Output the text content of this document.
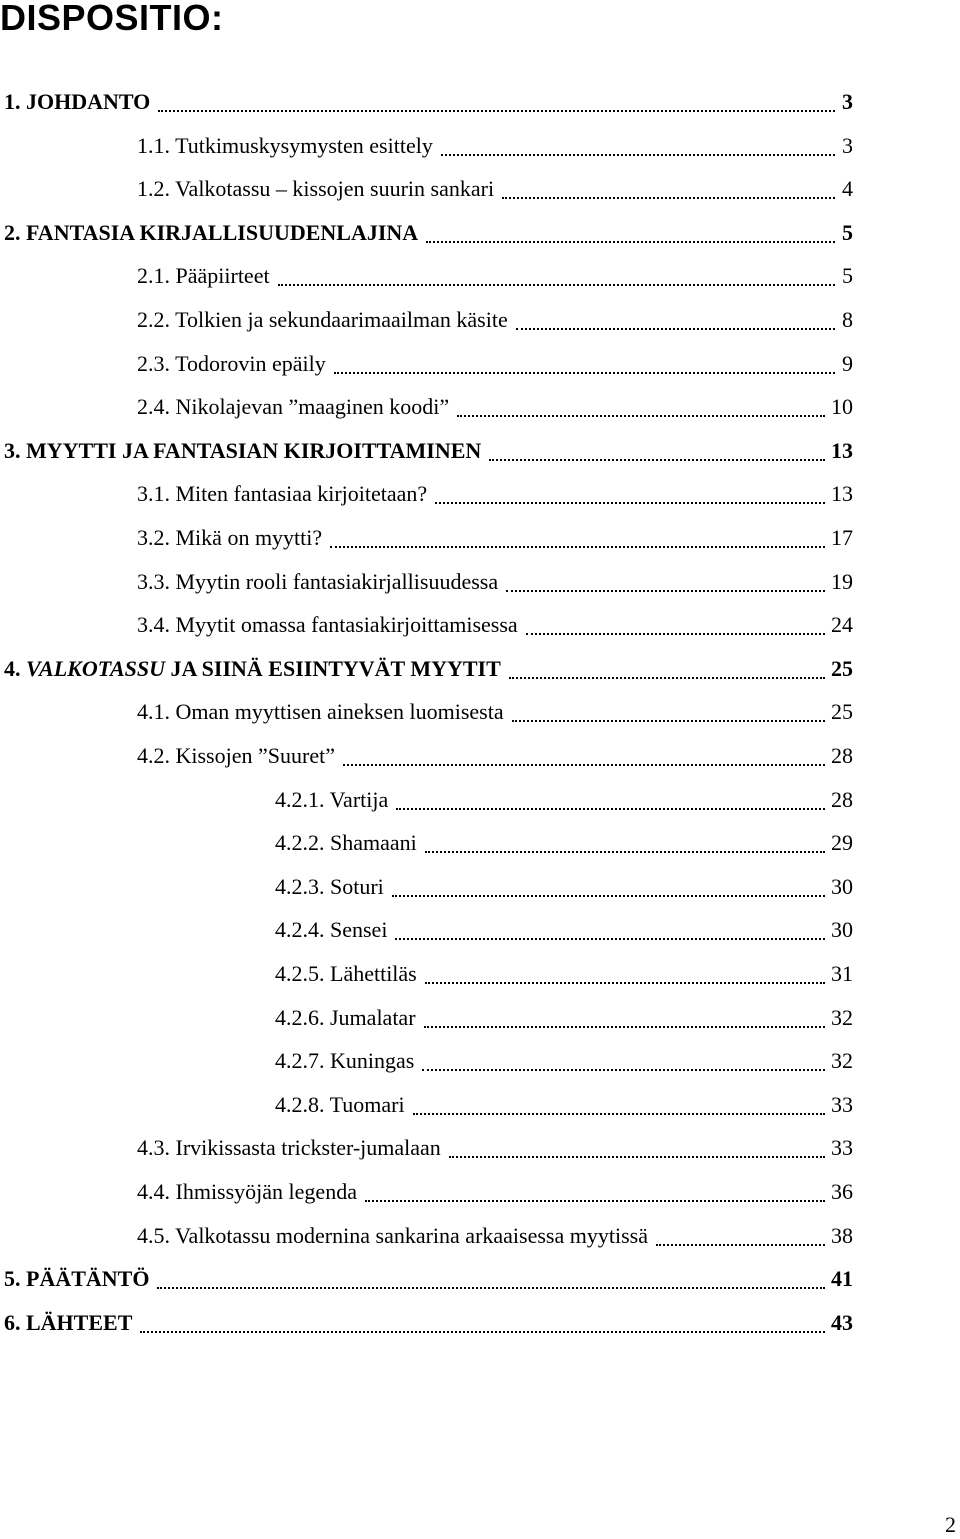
DISPOSITIO:
1. JOHDANTO	3
1.1. Tutkimuskysymysten esittely	3
1.2. Valkotassu – kissojen suurin sankari	4
2. FANTASIA KIRJALLISUUDENLAJINA	5
2.1. Pääpiirteet	5
2.2. Tolkien ja sekundaarimaailman käsite	8
2.3. Todorovin epäily	9
2.4. Nikolajevan ”maaginen koodi”	10
3. MYYTTI JA FANTASIAN KIRJOITTAMINEN	13
3.1. Miten fantasiaa kirjoitetaan?	13
3.2. Mikä on myytti?	17
3.3. Myytin rooli fantasiakirjallisuudessa	19
3.4. Myytit omassa fantasiakirjoittamisessa	24
4. VALKOTASSU JA SIINÄ ESIINTYVÄT MYYTIT	25
4.1. Oman myyttisen aineksen luomisesta	25
4.2. Kissojen ”Suuret”	28
4.2.1. Vartija	28
4.2.2. Shamaani	29
4.2.3. Soturi	30
4.2.4. Sensei	30
4.2.5. Lähettiläs	31
4.2.6. Jumalatar	32
4.2.7. Kuningas	32
4.2.8. Tuomari	33
4.3. Irvikissasta trickster-jumalaan	33
4.4. Ihmissyöjän legenda	36
4.5. Valkotassu modernina sankarina arkaaisessa myytissä	38
5. PÄÄTÄNTÖ	41
6. LÄHTEET	43
2
